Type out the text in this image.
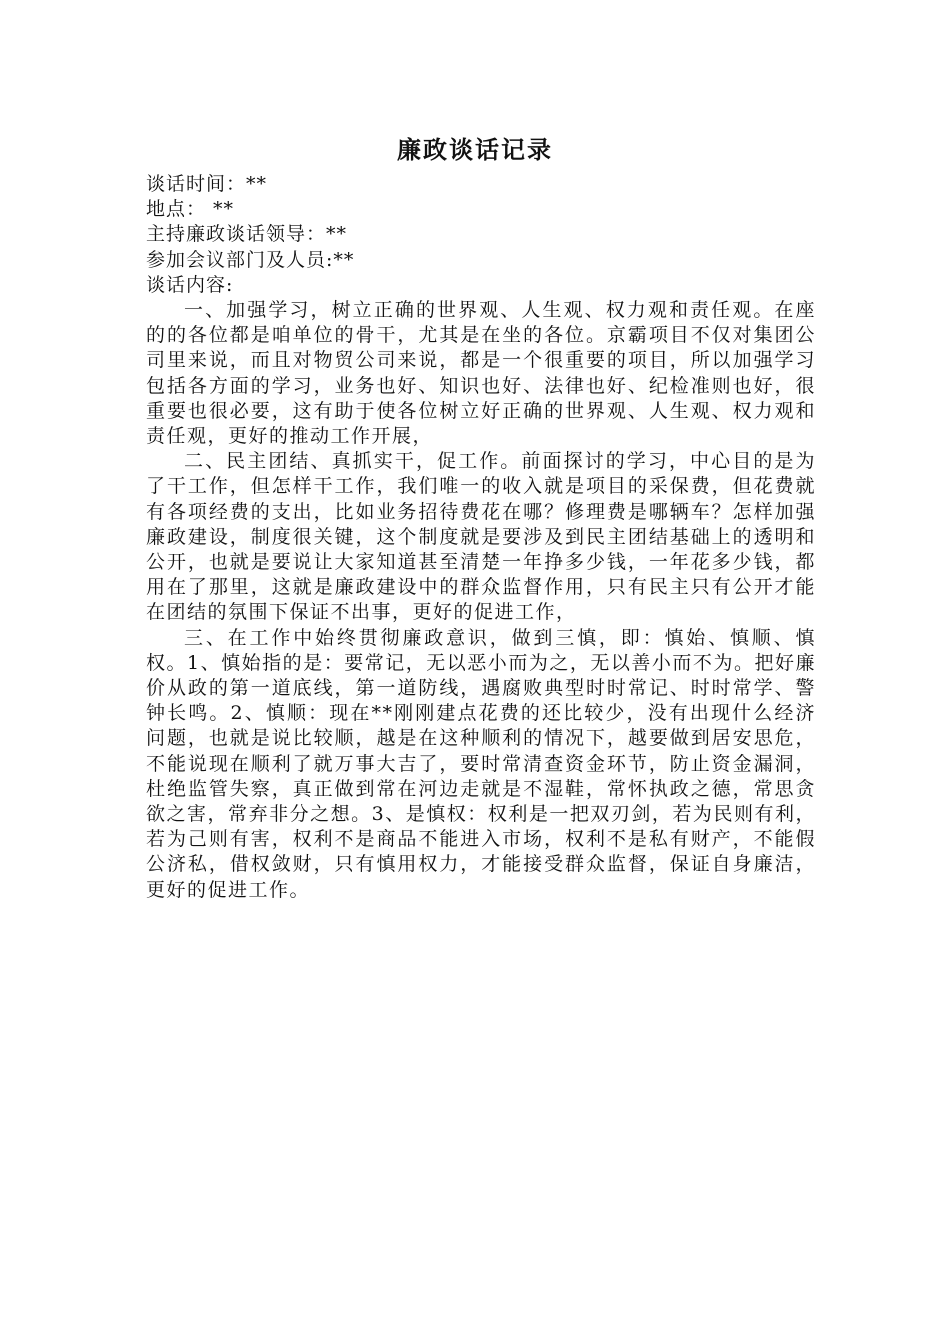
廉政谈话记录

谈话时间：**

地点： **

主持廉政谈话领导：**

参加会议部门及人员:**

谈话内容:

一、加强学习，树立正确的世界观、人生观、权力观和责任观。在座的的各位都是咱单位的骨干，尤其是在坐的各位。京霸项目不仅对集团公司里来说，而且对物贸公司来说，都是一个很重要的项目，所以加强学习包括各方面的学习，业务也好、知识也好、法律也好、纪检准则也好，很重要也很必要，这有助于使各位树立好正确的世界观、人生观、权力观和责任观，更好的推动工作开展，

二、民主团结、真抓实干，促工作。前面探讨的学习，中心目的是为了干工作，但怎样干工作，我们唯一的收入就是项目的采保费，但花费就有各项经费的支出，比如业务招待费花在哪？修理费是哪辆车？怎样加强廉政建设，制度很关键，这个制度就是要涉及到民主团结基础上的透明和公开，也就是要说让大家知道甚至清楚一年挣多少钱，一年花多少钱，都用在了那里，这就是廉政建设中的群众监督作用，只有民主只有公开才能在团结的氛围下保证不出事，更好的促进工作，

三、在工作中始终贯彻廉政意识，做到三慎，即：慎始、慎顺、慎权。1、慎始指的是：要常记，无以恶小而为之，无以善小而不为。把好廉价从政的第一道底线，第一道防线，遇腐败典型时时常记、时时常学、警钟长鸣。2、慎顺：现在**刚刚建点花费的还比较少，没有出现什么经济问题，也就是说比较顺，越是在这种顺利的情况下，越要做到居安思危，不能说现在顺利了就万事大吉了，要时常清查资金环节，防止资金漏洞，杜绝监管失察，真正做到常在河边走就是不湿鞋，常怀执政之德，常思贪欲之害，常弃非分之想。3、是慎权：权利是一把双刃剑，若为民则有利，若为己则有害，权利不是商品不能进入市场，权利不是私有财产，不能假公济私，借权敛财，只有慎用权力，才能接受群众监督，保证自身廉洁，更好的促进工作。
